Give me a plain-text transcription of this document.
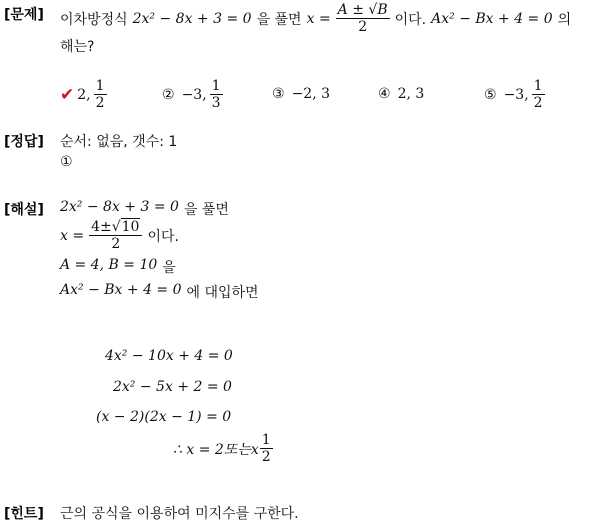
[문제] 이차방정식 2x² − 8x + 3 = 0 을 풀면 $x = \frac{A \pm √B}{2}$ 이다. Ax² − Bx + 4 = 0 의
해는?
✔ 2, $\frac{1}{2}$	② −3, $\frac{1}{3}$	③ −2, 3	④ 2, 3	⑤ −3, $\frac{1}{2}$
[정답] 순서: 없음, 갯수: 1
①
[해설] 2x² − 8x + 3 = 0 을 풀면
$x = \frac{4\pm√10}{2}$ 이다.
A = 4, B = 10 을
Ax² − Bx + 4 = 0 에 대입하면
4x² − 10x + 4 = 0
2x² − 5x + 2 = 0
(x − 2)(2x − 1) = 0
∴ x = 2또는x $\frac{1}{2}$
[힌트] 근의 공식을 이용하여 미지수를 구한다.
